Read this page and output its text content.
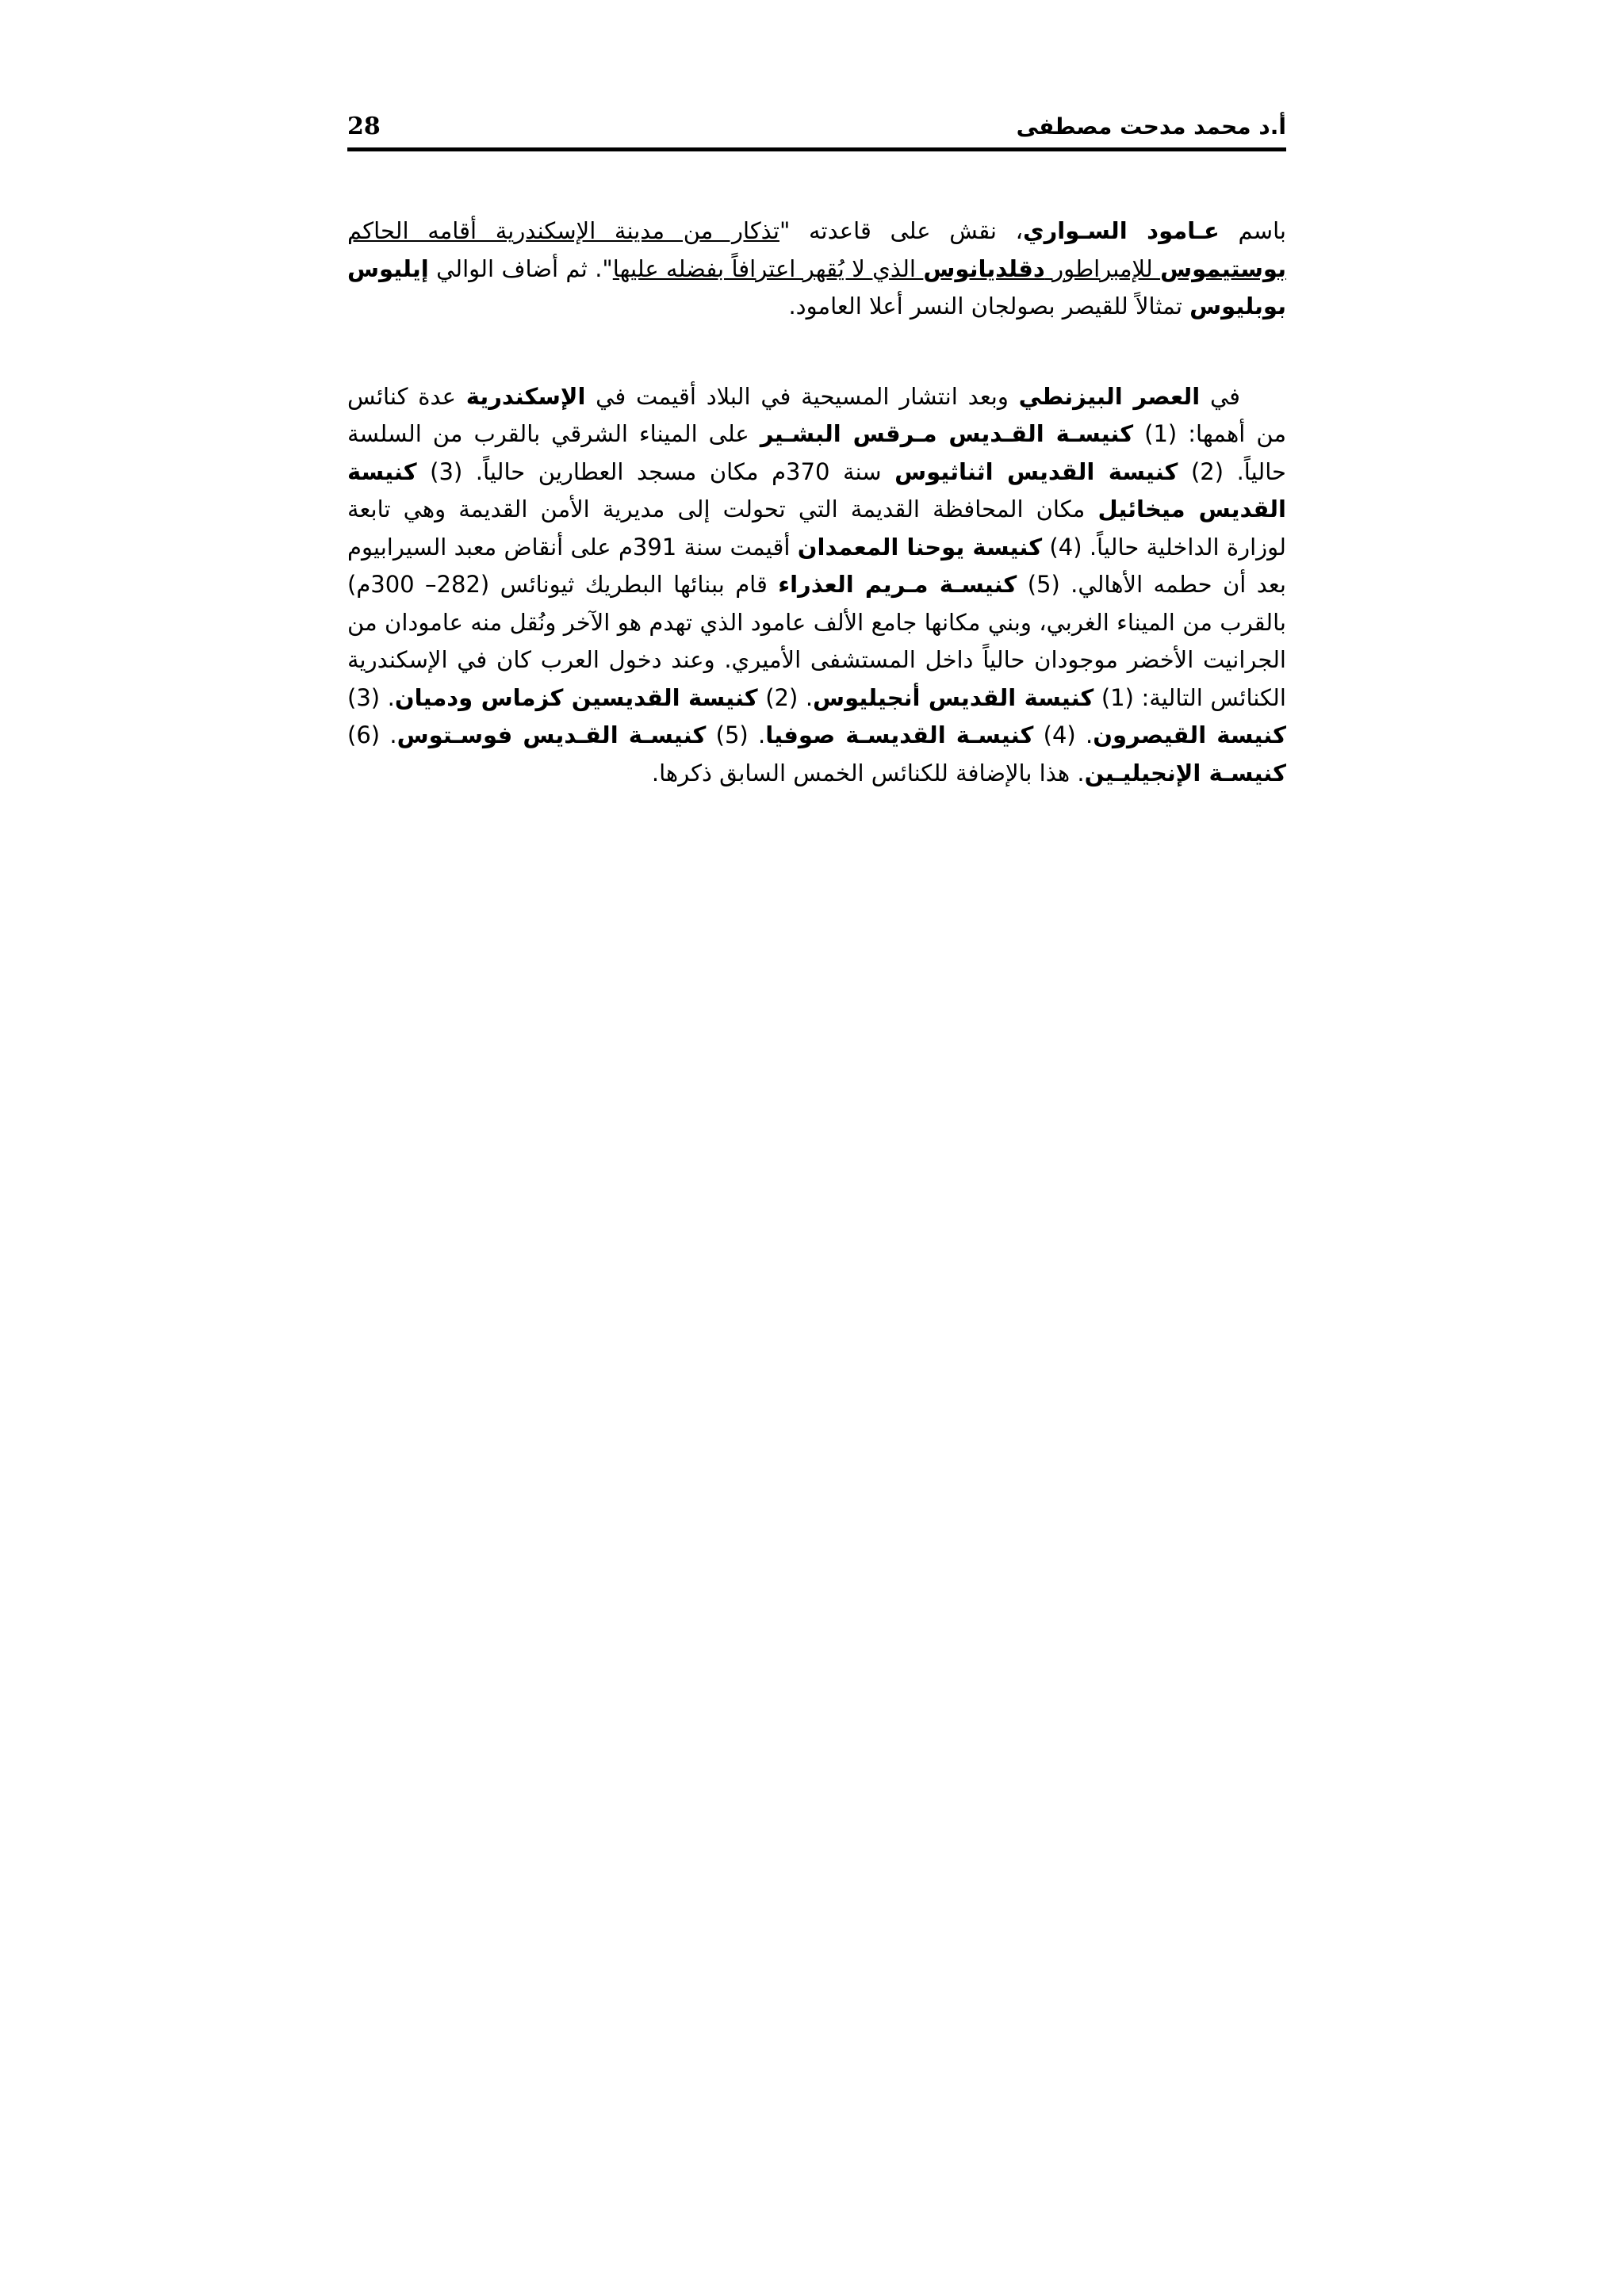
28	أ.د محمد مدحت مصطفى

باسم عـامود السـواري، نقش على قاعدته "تذكار من مدينة الإسكندرية أقامه الحاكم بوستيموس للإمبراطور دقلديانوس الذي لا يُقهر اعترافاً بفضله عليها". ثم أضاف الوالي إيليوس بوبليوس تمثالاً للقيصر بصولجان النسر أعلا العامود.

في العصر البيزنطي وبعد انتشار المسيحية في البلاد أقيمت في الإسكندرية عدة كنائس من أهمها: (1) كنيسـة القـديس مـرقس البشـير على الميناء الشرقي بالقرب من السلسة حالياً. (2) كنيسة القديس اثناثيوس سنة 370م مكان مسجد العطارين حالياً. (3) كنيسة القديس ميخائيل مكان المحافظة القديمة التي تحولت إلى مديرية الأمن القديمة وهي تابعة لوزارة الداخلية حالياً. (4) كنيسة يوحنا المعمدان أقيمت سنة 391م على أنقاض معبد السيرابيوم بعد أن حطمه الأهالي. (5) كنيسـة مـريم العذراء قام ببنائها البطريك ثيونائس (282– 300م) بالقرب من الميناء الغربي، وبني مكانها جامع الألف عامود الذي تهدم هو الآخر ونُقل منه عامودان من الجرانيت الأخضر موجودان حالياً داخل المستشفى الأميري. وعند دخول العرب كان في الإسكندرية الكنائس التالية: (1) كنيسة القديس أنجيليوس. (2) كنيسة القديسين كزماس ودميان. (3) كنيسة القيصرون. (4) كنيسـة القديسـة صوفيا. (5) كنيسـة القـديس فوسـتوس. (6) كنيسـة الإنجيليـين. هذا بالإضافة للكنائس الخمس السابق ذكرها.
